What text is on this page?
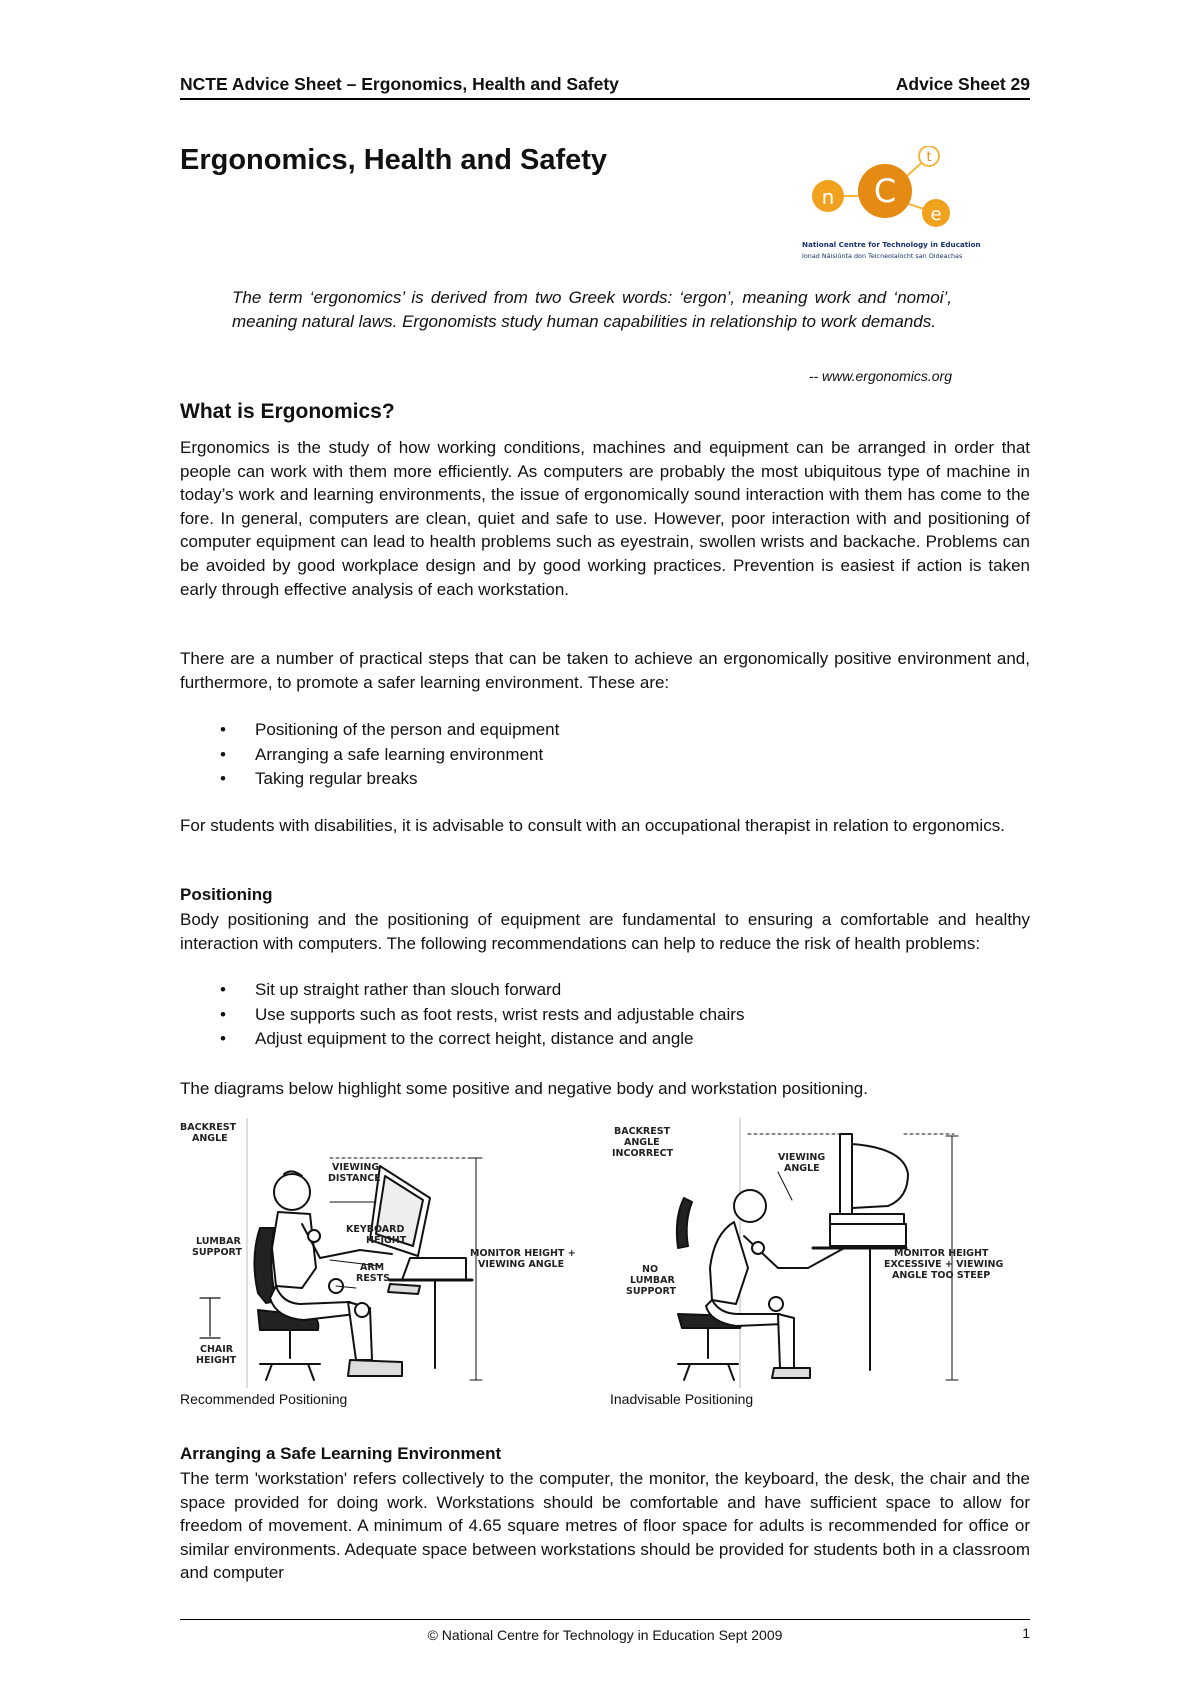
NCTE Advice Sheet – Ergonomics, Health and Safety	Advice Sheet 29
Ergonomics, Health and Safety
n C
t
e
National Centre for Technology in Education
Ionad Náisiúnta don Teicneolaíocht san Oideachas
The term ‘ergonomics’ is derived from two Greek words: ‘ergon’, meaning work and ‘nomoi’, meaning natural laws. Ergonomists study human capabilities in relationship to work demands.
-- www.ergonomics.org
What is Ergonomics?
Ergonomics is the study of how working conditions, machines and equipment can be arranged in order that people can work with them more efficiently. As computers are probably the most ubiquitous type of machine in today’s work and learning environments, the issue of ergonomically sound interaction with them has come to the fore. In general, computers are clean, quiet and safe to use. However, poor interaction with and positioning of computer equipment can lead to health problems such as eyestrain, swollen wrists and backache. Problems can be avoided by good workplace design and by good working practices. Prevention is easiest if action is taken early through effective analysis of each workstation.
There are a number of practical steps that can be taken to achieve an ergonomically positive environment and, furthermore, to promote a safer learning environment. These are:
• Positioning of the person and equipment
• Arranging a safe learning environment
• Taking regular breaks
For students with disabilities, it is advisable to consult with an occupational therapist in relation to ergonomics.
Positioning
Body positioning and the positioning of equipment are fundamental to ensuring a comfortable and healthy interaction with computers. The following recommendations can help to reduce the risk of health problems:
• Sit up straight rather than slouch forward
• Use supports such as foot rests, wrist rests and adjustable chairs
• Adjust equipment to the correct height, distance and angle
The diagrams below highlight some positive and negative body and workstation positioning.
BACKREST
ANGLE
VIEWING
DISTANCE
KEYBOARD
HEIGHT
LUMBAR
SUPPORT	MONITOR HEIGHT +
VIEWING ANGLE
ARM
RESTS
CHAIR
HEIGHT
Recommended Positioning
BACKREST
ANGLE
INCORRECT	VIEWING
ANGLE
NO
LUMBAR
SUPPORT
MONITOR HEIGHT
EXCESSIVE + VIEWING
ANGLE TOO STEEP
Inadvisable Positioning
Arranging a Safe Learning Environment
The term 'workstation' refers collectively to the computer, the monitor, the keyboard, the desk, the chair and the space provided for doing work. Workstations should be comfortable and have sufficient space to allow for freedom of movement. A minimum of 4.65 square metres of floor space for adults is recommended for office or similar environments. Adequate space between workstations should be provided for students both in a classroom and computer
© National Centre for Technology in Education Sept 2009	1
